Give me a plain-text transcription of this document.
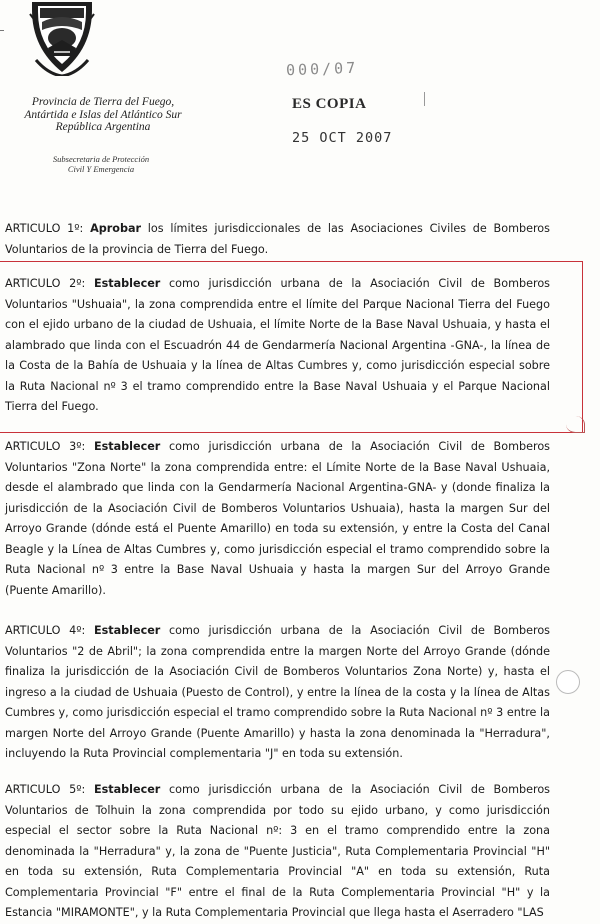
Provincia de Tierra del Fuego,
Antártida e Islas del Atlántico Sur
República Argentina
Subsecretaria de Protección
Civil Y Emergencia
000/07
ES COPIA
25 OCT 2007

ARTICULO 1º: Aprobar los límites jurisdiccionales de las Asociaciones Civiles de Bomberos Voluntarios de la provincia de Tierra del Fuego.

ARTICULO 2º: Establecer como jurisdicción urbana de la Asociación Civil de Bomberos Voluntarios "Ushuaia", la zona comprendida entre el límite del Parque Nacional Tierra del Fuego con el ejido urbano de la ciudad de Ushuaia, el límite Norte de la Base Naval Ushuaia, y hasta el alambrado que linda con el Escuadrón 44 de Gendarmería Nacional Argentina -GNA-, la línea de la Costa de la Bahía de Ushuaia y la línea de Altas Cumbres y, como jurisdicción especial sobre la Ruta Nacional nº 3 el tramo comprendido entre la Base Naval Ushuaia y el Parque Nacional Tierra del Fuego.

ARTICULO 3º: Establecer como jurisdicción urbana de la Asociación Civil de Bomberos Voluntarios "Zona Norte" la zona comprendida entre: el Límite Norte de la Base Naval Ushuaia, desde el alambrado que linda con la Gendarmería Nacional Argentina-GNA- y (donde finaliza la jurisdicción de la Asociación Civil de Bomberos Voluntarios Ushuaia), hasta la margen Sur del Arroyo Grande (dónde está el Puente Amarillo) en toda su extensión, y entre la Costa del Canal Beagle y la Línea de Altas Cumbres y, como jurisdicción especial el tramo comprendido sobre la Ruta Nacional nº 3 entre la Base Naval Ushuaia y hasta la margen Sur del Arroyo Grande (Puente Amarillo).

ARTICULO 4º: Establecer como jurisdicción urbana de la Asociación Civil de Bomberos Voluntarios "2 de Abril"; la zona comprendida entre la margen Norte del Arroyo Grande (dónde finaliza la jurisdicción de la Asociación Civil de Bomberos Voluntarios Zona Norte) y, hasta el ingreso a la ciudad de Ushuaia (Puesto de Control), y entre la línea de la costa y la línea de Altas Cumbres y, como jurisdicción especial el tramo comprendido sobre la Ruta Nacional nº 3 entre la margen Norte del Arroyo Grande (Puente Amarillo) y hasta la zona denominada la "Herradura", incluyendo la Ruta Provincial complementaria "J" en toda su extensión.

ARTICULO 5º: Establecer como jurisdicción urbana de la Asociación Civil de Bomberos Voluntarios de Tolhuin la zona comprendida por todo su ejido urbano, y como jurisdicción especial el sector sobre la Ruta Nacional nº: 3 en el tramo comprendido entre la zona denominada la "Herradura" y, la zona de "Puente Justicia", Ruta Complementaria Provincial "H" en toda su extensión, Ruta Complementaria Provincial "A" en toda su extensión, Ruta Complementaria Provincial "F" entre el final de la Ruta Complementaria Provincial "H" y la Estancia "MIRAMONTE", y la Ruta Complementaria Provincial que llega hasta el Aserradero "LAS
